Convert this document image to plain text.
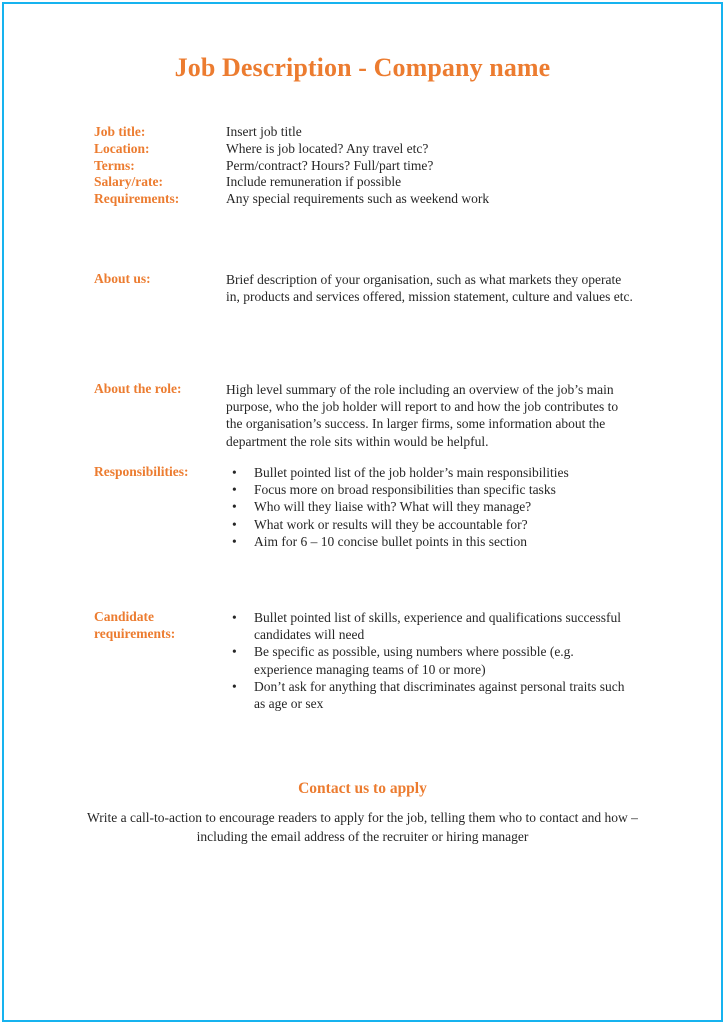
Job Description - Company name
Job title:	Insert job title
Location:	Where is job located? Any travel etc?
Terms:	Perm/contract? Hours? Full/part time?
Salary/rate:	Include remuneration if possible
Requirements:	Any special requirements such as weekend work
About us:	Brief description of your organisation, such as what markets they operate in, products and services offered, mission statement, culture and values etc.
About the role:	High level summary of the role including an overview of the job’s main purpose, who the job holder will report to and how the job contributes to the organisation’s success. In larger firms, some information about the department the role sits within would be helpful.
Responsibilities:	• Bullet pointed list of the job holder’s main responsibilities
• Focus more on broad responsibilities than specific tasks
• Who will they liaise with? What will they manage?
• What work or results will they be accountable for?
• Aim for 6 – 10 concise bullet points in this section
Candidate
requirements:
• Bullet pointed list of skills, experience and qualifications successful candidates will need
• Be specific as possible, using numbers where possible (e.g. experience managing teams of 10 or more)
• Don’t ask for anything that discriminates against personal traits such as age or sex
Contact us to apply
Write a call-to-action to encourage readers to apply for the job, telling them who to contact and how – including the email address of the recruiter or hiring manager
